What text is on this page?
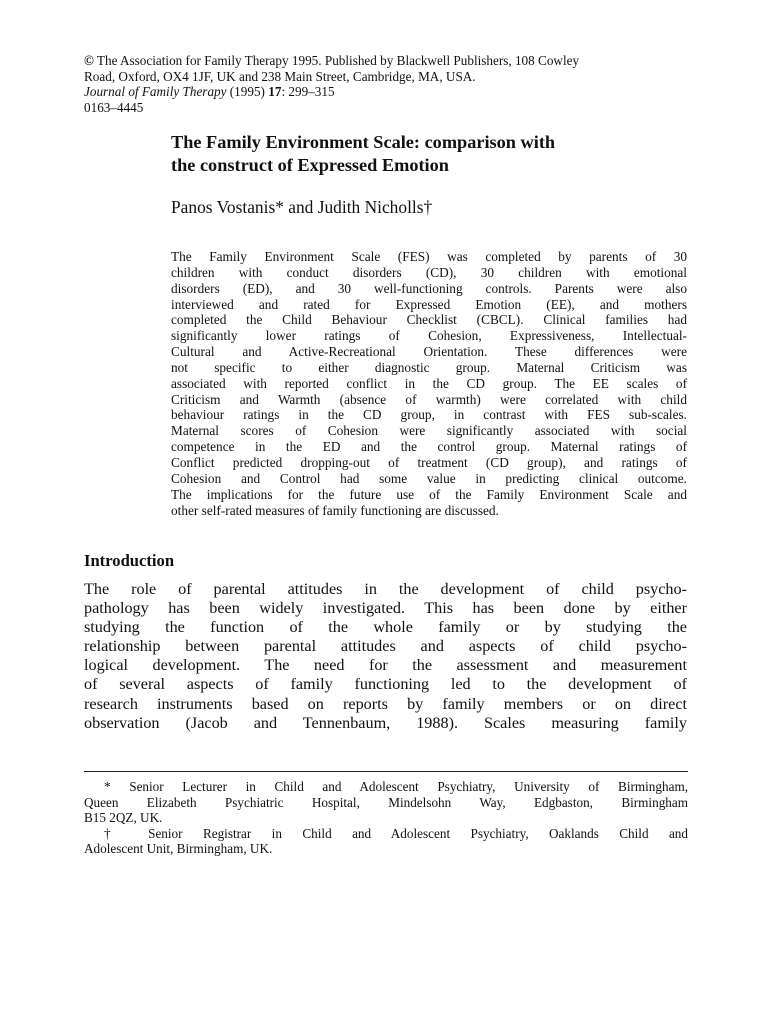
© The Association for Family Therapy 1995. Published by Blackwell Publishers, 108 Cowley
Road, Oxford, OX4 1JF, UK and 238 Main Street, Cambridge, MA, USA.
Journal of Family Therapy (1995) 17: 299–315
0163–4445
The Family Environment Scale: comparison with
the construct of Expressed Emotion
Panos Vostanis* and Judith Nicholls†
The Family Environment Scale (FES) was completed by parents of 30
children with conduct disorders (CD), 30 children with emotional
disorders (ED), and 30 well-functioning controls. Parents were also
interviewed and rated for Expressed Emotion (EE), and mothers
completed the Child Behaviour Checklist (CBCL). Clinical families had
significantly lower ratings of Cohesion, Expressiveness, Intellectual-
Cultural and Active-Recreational Orientation. These differences were
not specific to either diagnostic group. Maternal Criticism was
associated with reported conflict in the CD group. The EE scales of
Criticism and Warmth (absence of warmth) were correlated with child
behaviour ratings in the CD group, in contrast with FES sub-scales.
Maternal scores of Cohesion were significantly associated with social
competence in the ED and the control group. Maternal ratings of
Conflict predicted dropping-out of treatment (CD group), and ratings of
Cohesion and Control had some value in predicting clinical outcome.
The implications for the future use of the Family Environment Scale and
other self-rated measures of family functioning are discussed.
Introduction
The role of parental attitudes in the development of child psycho-
pathology has been widely investigated. This has been done by either
studying the function of the whole family or by studying the
relationship between parental attitudes and aspects of child psycho-
logical development. The need for the assessment and measurement
of several aspects of family functioning led to the development of
research instruments based on reports by family members or on direct
observation (Jacob and Tennenbaum, 1988). Scales measuring family
* Senior Lecturer in Child and Adolescent Psychiatry, University of Birmingham,
Queen Elizabeth Psychiatric Hospital, Mindelsohn Way, Edgbaston, Birmingham
B15 2QZ, UK.
† Senior Registrar in Child and Adolescent Psychiatry, Oaklands Child and
Adolescent Unit, Birmingham, UK.
